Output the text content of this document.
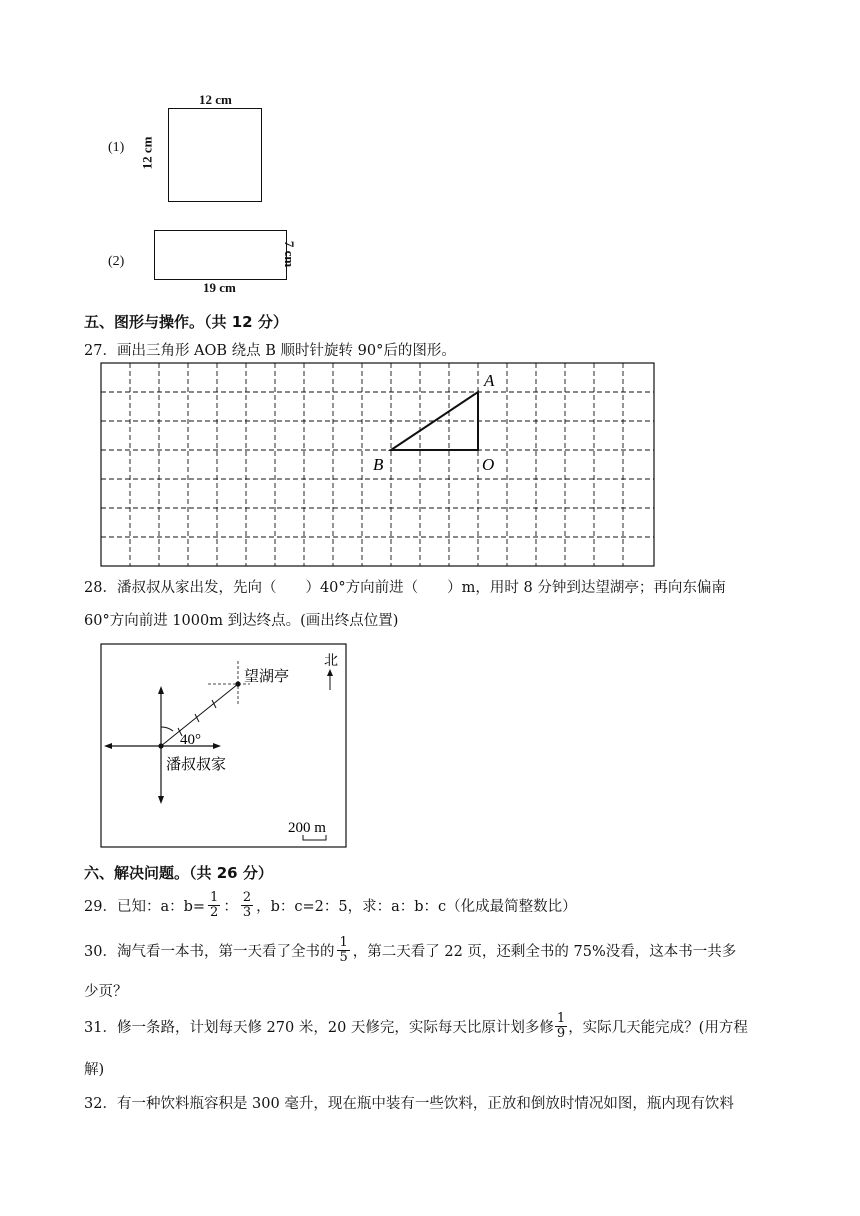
(1)
12 cm
12 cm
(2)	7 cm
19 cm
五、图形与操作。（共 12 分）
27．画出三角形 AOB 绕点 B 顺时针旋转 90°后的图形。
A
B	O
28．潘叔叔从家出发，先向（　　）40°方向前进（　　）m，用时 8 分钟到达望湖亭；再向东偏南
60°方向前进 1000m 到达终点。(画出终点位置)
40°
望湖亭
潘叔叔家
北
200 m
六、解决问题。（共 26 分）
29．已知：a：$b= \frac{1}{2}$ ： $\frac{2}{3}$ ，b：c=2：5，求：a：b：c（化成最简整数比）
30．淘气看一本书，第一天看了全书的 $\frac{1}{5}$ ，第二天看了 22 页，还剩全书的 75%没看，这本书一共多
少页？
31．修一条路，计划每天修 270 米，20 天修完，实际每天比原计划多修 $\frac{1}{9}$ ，实际几天能完成？(用方程
解)
32．有一种饮料瓶容积是 300 毫升，现在瓶中装有一些饮料，正放和倒放时情况如图，瓶内现有饮料
